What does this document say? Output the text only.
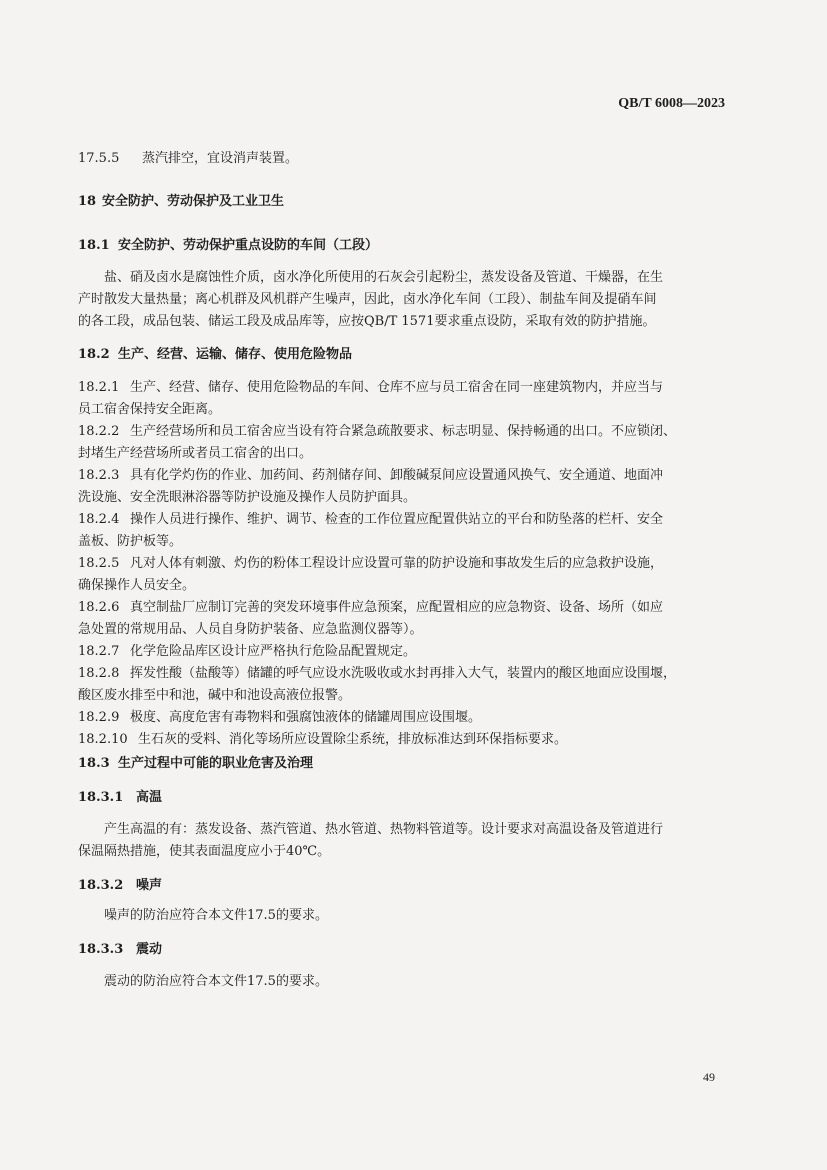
QB/T 6008—2023
17.5.5 蒸汽排空，宜设消声装置。
18 安全防护、劳动保护及工业卫生
18.1 安全防护、劳动保护重点设防的车间（工段）
盐、硝及卤水是腐蚀性介质，卤水净化所使用的石灰会引起粉尘，蒸发设备及管道、干燥器，在生
产时散发大量热量；离心机群及风机群产生噪声，因此，卤水净化车间（工段）、制盐车间及提硝车间
的各工段，成品包装、储运工段及成品库等，应按QB/T 1571要求重点设防，采取有效的防护措施。
18.2 生产、经营、运输、储存、使用危险物品
18.2.1 生产、经营、储存、使用危险物品的车间、仓库不应与员工宿舍在同一座建筑物内，并应当与
员工宿舍保持安全距离。
18.2.2 生产经营场所和员工宿舍应当设有符合紧急疏散要求、标志明显、保持畅通的出口。不应锁闭、
封堵生产经营场所或者员工宿舍的出口。
18.2.3 具有化学灼伤的作业、加药间、药剂储存间、卸酸碱泵间应设置通风换气、安全通道、地面冲
洗设施、安全洗眼淋浴器等防护设施及操作人员防护面具。
18.2.4 操作人员进行操作、维护、调节、检查的工作位置应配置供站立的平台和防坠落的栏杆、安全
盖板、防护板等。
18.2.5 凡对人体有刺激、灼伤的粉体工程设计应设置可靠的防护设施和事故发生后的应急救护设施，
确保操作人员安全。
18.2.6 真空制盐厂应制订完善的突发环境事件应急预案，应配置相应的应急物资、设备、场所（如应
急处置的常规用品、人员自身防护装备、应急监测仪器等）。
18.2.7 化学危险品库区设计应严格执行危险品配置规定。
18.2.8 挥发性酸（盐酸等）储罐的呼气应设水洗吸收或水封再排入大气，装置内的酸区地面应设围堰，
酸区废水排至中和池，碱中和池设高液位报警。
18.2.9 极度、高度危害有毒物料和强腐蚀液体的储罐周围应设围堰。
18.2.10 生石灰的受料、消化等场所应设置除尘系统，排放标准达到环保指标要求。
18.3 生产过程中可能的职业危害及治理
18.3.1 高温
产生高温的有：蒸发设备、蒸汽管道、热水管道、热物料管道等。设计要求对高温设备及管道进行
保温隔热措施，使其表面温度应小于40℃。
18.3.2 噪声
噪声的防治应符合本文件17.5的要求。
18.3.3 震动
震动的防治应符合本文件17.5的要求。
49
